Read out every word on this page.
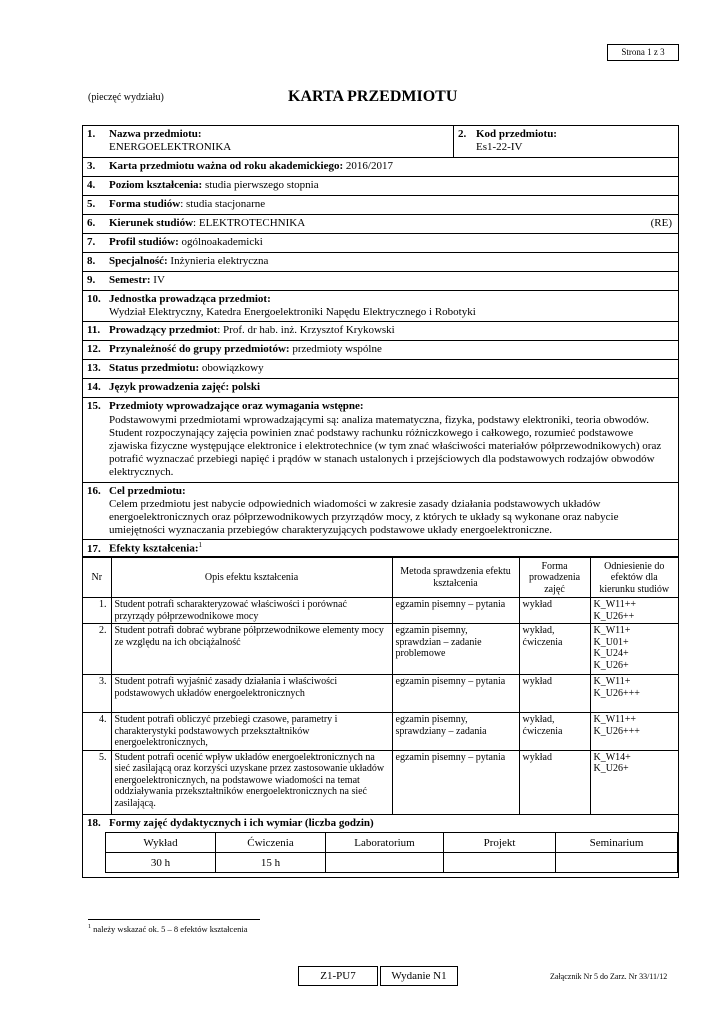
Strona 1 z 3
(pieczęć wydziału)	KARTA PRZEDMIOTU
1. Nazwa przedmiotu:
ENERGOELEKTRONIKA
2. Kod przedmiotu:
Es1-22-IV
3. Karta przedmiotu ważna od roku akademickiego: 2016/2017
4. Poziom kształcenia: studia pierwszego stopnia
5. Forma studiów: studia stacjonarne
6. Kierunek studiów: ELEKTROTECHNIKA	(RE)
7. Profil studiów: ogólnoakademicki
8. Specjalność: Inżynieria elektryczna
9. Semestr: IV
10. Jednostka prowadząca przedmiot:

Wydział Elektryczny, Katedra Energoelektroniki Napędu Elektrycznego i Robotyki
11. Prowadzący przedmiot: Prof. dr hab. inż. Krzysztof Krykowski
12. Przynależność do grupy przedmiotów: przedmioty wspólne
13. Status przedmiotu: obowiązkowy
14. Język prowadzenia zajęć: polski
15. Przedmioty wprowadzające oraz wymagania wstępne:
Podstawowymi przedmiotami wprowadzającymi są: analiza matematyczna, fizyka, podstawy elektroniki, teoria obwodów. Student rozpoczynający zajęcia powinien znać podstawy rachunku różniczkowego i całkowego, rozumieć podstawowe zjawiska fizyczne występujące elektronice i elektrotechnice (w tym znać właściwości materiałów półprzewodnikowych) oraz potrafić wyznaczać przebiegi napięć i prądów w stanach ustalonych i przejściowych dla podstawowych rodzajów obwodów elektrycznych.
16. Cel przedmiotu:
Celem przedmiotu jest nabycie odpowiednich wiadomości w zakresie zasady działania podstawowych układów energoelektronicznych oraz półprzewodnikowych przyrządów mocy, z których te układy są wykonane oraz nabycie umiejętności wyznaczania przebiegów charakteryzujących podstawowe układy energoelektroniczne.
17. Efekty kształcenia:$^1$
Nr	Opis efektu kształcenia	Metoda sprawdzenia efektu kształcenia	Forma prowadzenia zajęć	Odniesienie do efektów dla kierunku studiów
1.	Student potrafi scharakteryzować właściwości i porównać przyrządy półprzewodnikowe mocy	egzamin pisemny – pytania	wykład	K_W11++
K_U26++
2.	Student potrafi dobrać wybrane półprzewodnikowe elementy mocy ze względu na ich obciążalność	egzamin pisemny, sprawdzian – zadanie problemowe	wykład, ćwiczenia	K_W11+
K_U01+
K_U24+
K_U26+
3.	Student potrafi wyjaśnić zasady działania i właściwości podstawowych układów energoelektronicznych	egzamin pisemny – pytania	wykład	K_W11+
K_U26+++
4.	Student potrafi obliczyć przebiegi czasowe, parametry i charakterystyki podstawowych przekształtników energoelektronicznych,	egzamin pisemny, sprawdziany – zadania	wykład, ćwiczenia	K_W11++
K_U26+++
5.	Student potrafi ocenić wpływ układów energoelektronicznych na sieć zasilającą oraz korzyści uzyskane przez zastosowanie układów energoelektronicznych, na podstawowe wiadomości na temat oddziaływania przekształtników energoelektronicznych na sieć zasilającą.	egzamin pisemny – pytania	wykład	K_W14+
K_U26+
18. Formy zajęć dydaktycznych i ich wymiar (liczba godzin)
Wykład	Ćwiczenia	Laboratorium	Projekt	Seminarium
30 h	15 h			
$^1$ należy wskazać ok. 5 – 8 efektów kształcenia
Z1-PU7	Wydanie N1	Załącznik Nr 5 do Zarz. Nr 33/11/12
